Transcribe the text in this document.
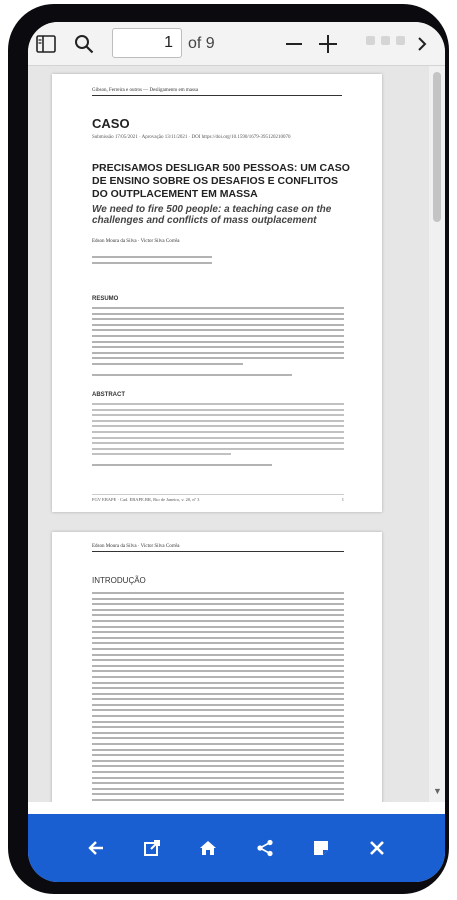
1
of 9
Gibson, Ferreira e outros — Desligamento em massa
CASO
Submissão 17/05/2021 · Aprovação 13/11/2021 · DOI https://doi.org/10.1590/1679-395120210070
PRECISAMOS DESLIGAR 500 PESSOAS: UM CASO DE ENSINO SOBRE OS DESAFIOS E CONFLITOS DO OUTPLACEMENT EM MASSA
We need to fire 500 people: a teaching case on the challenges and conflicts of mass outplacement
Edson Moura da Silva · Victor Silva Corrêa
RESUMO
ABSTRACT
FGV EBAPE · Cad. EBAPE.BR, Rio de Janeiro, v. 20, nº 3	1
Edson Moura da Silva · Victor Silva Corrêa
INTRODUÇÃO
▼
